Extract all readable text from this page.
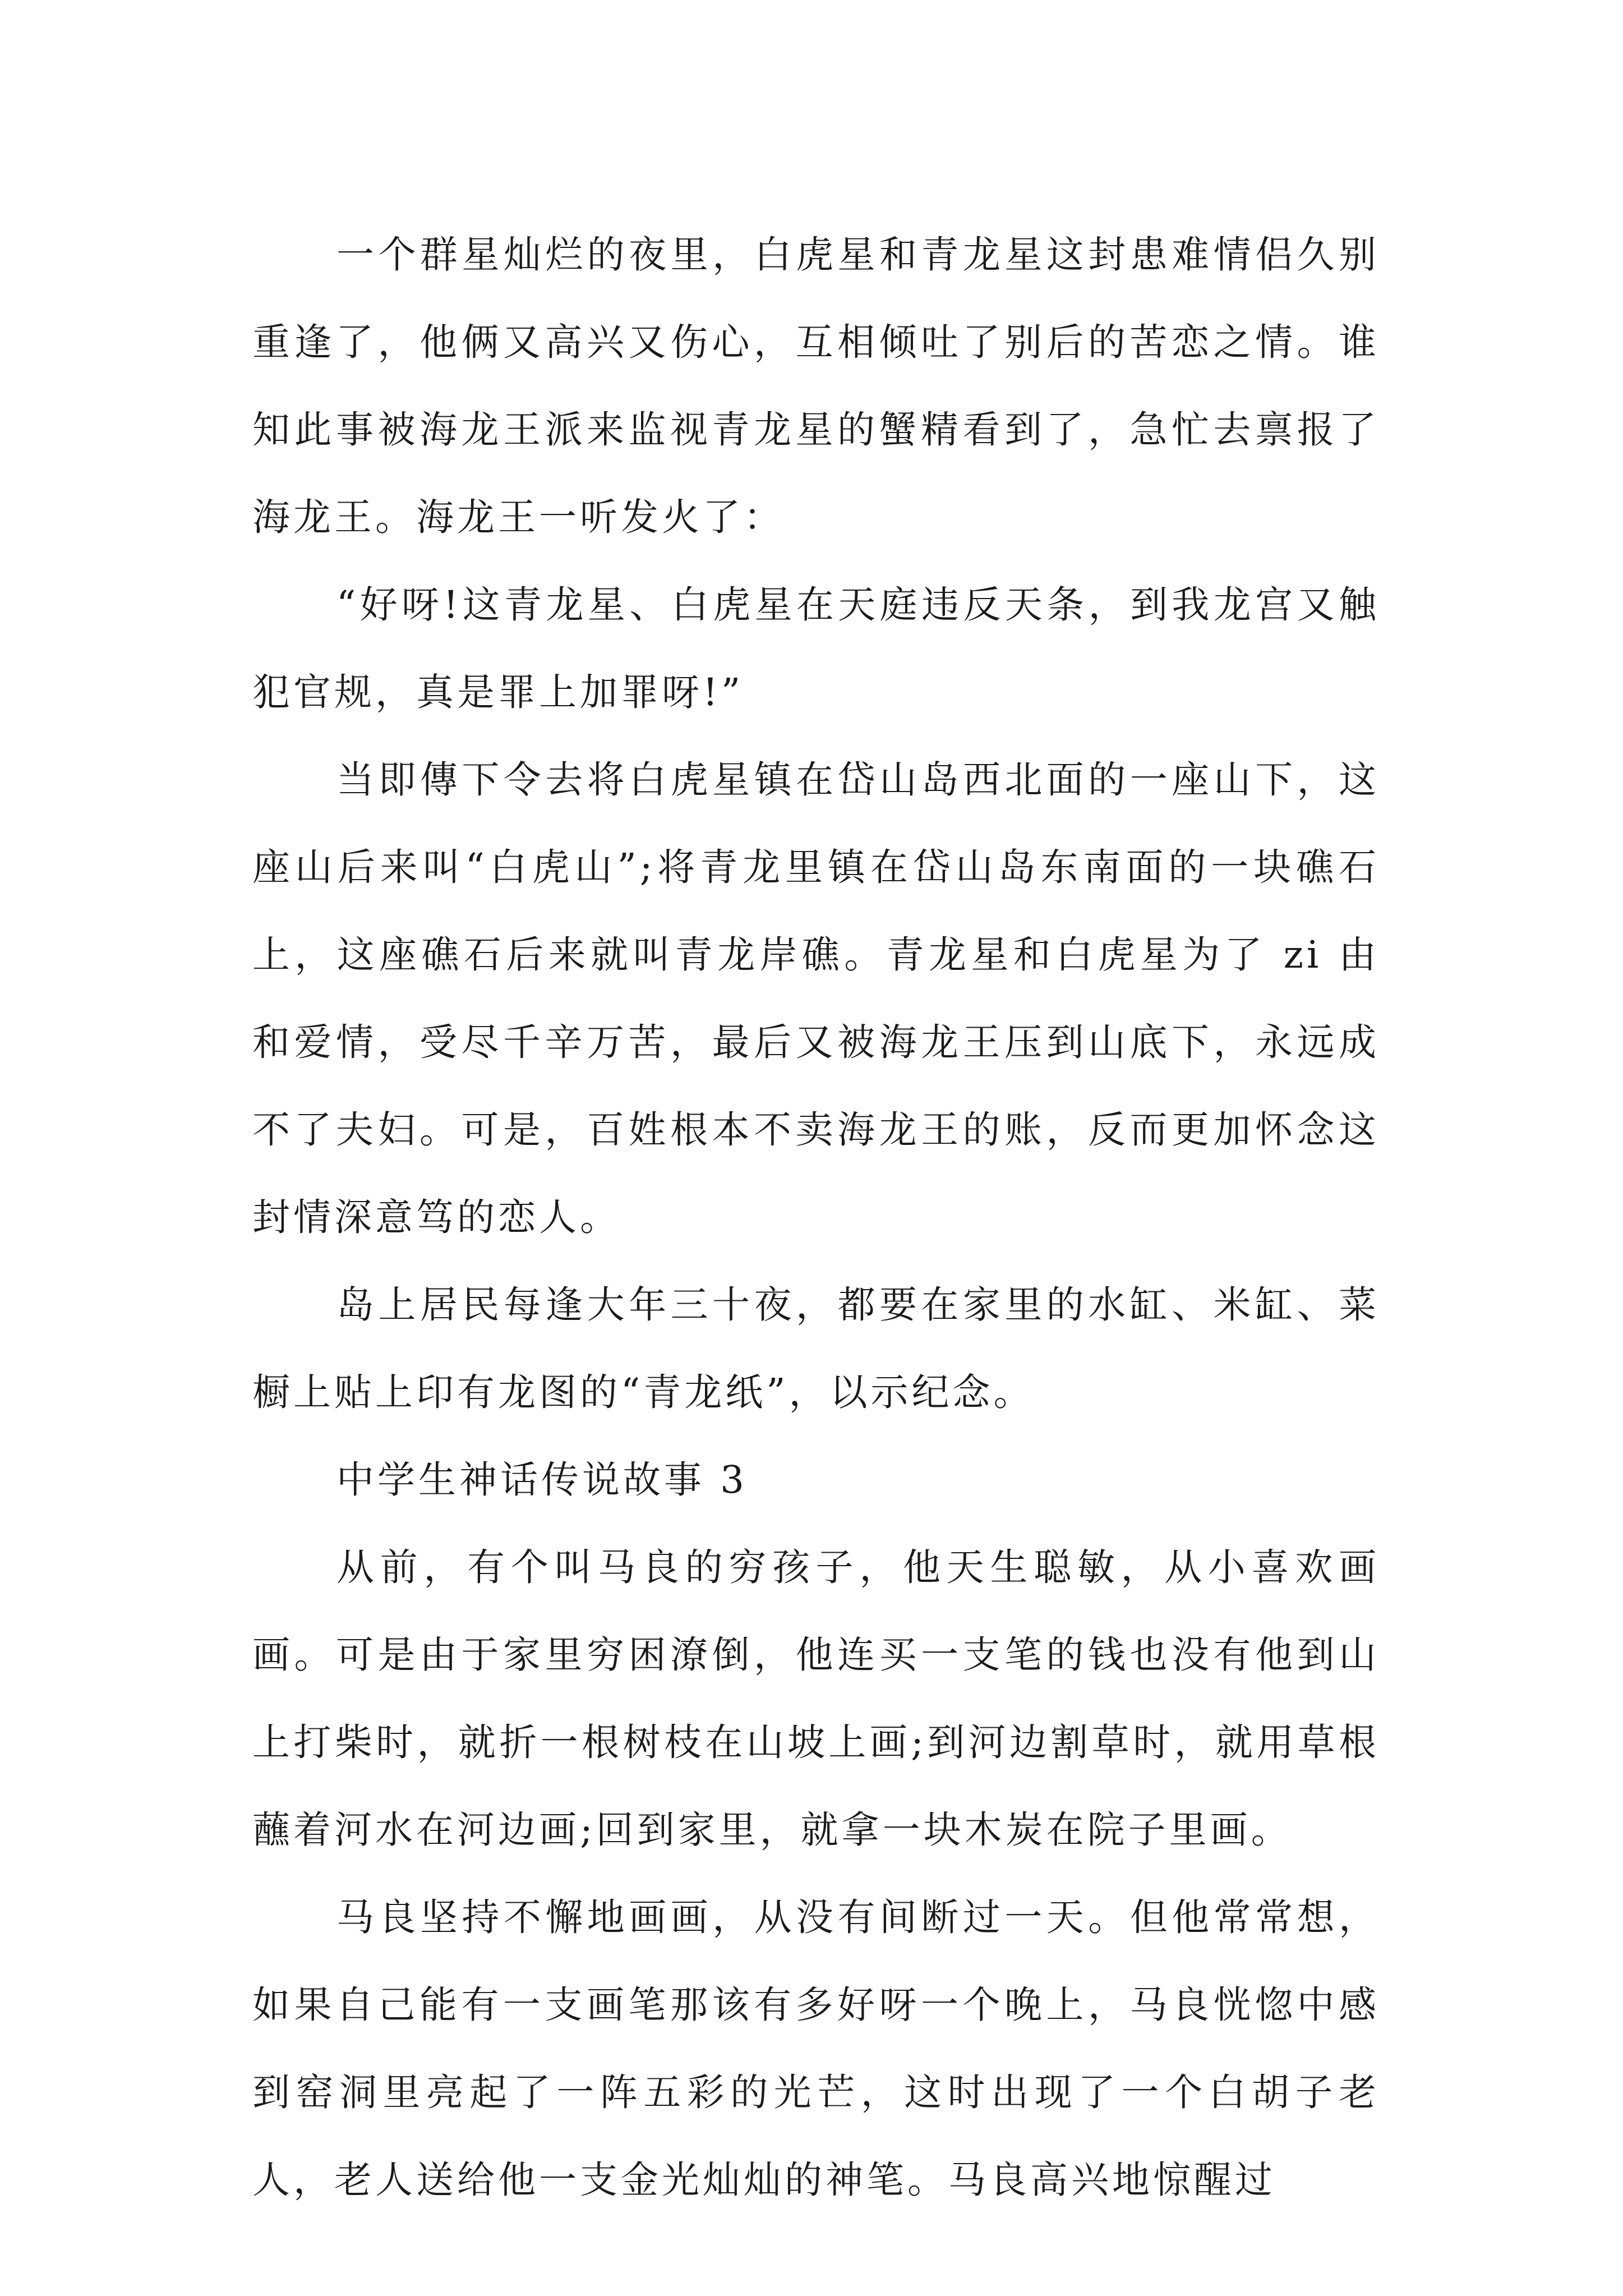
一个群星灿烂的夜里，白虎星和青龙星这封患难情侣久别重逢了，他俩又高兴又伤心，互相倾吐了别后的苦恋之情。谁知此事被海龙王派来监视青龙星的蟹精看到了，急忙去禀报了海龙王。海龙王一听发火了：

“好呀!这青龙星、白虎星在天庭违反天条，到我龙宫又触犯官规，真是罪上加罪呀!”

当即傳下令去将白虎星镇在岱山岛西北面的一座山下，这座山后来叫“白虎山”;将青龙里镇在岱山岛东南面的一块礁石上，这座礁石后来就叫青龙岸礁。青龙星和白虎星为了 zi 由和爱情，受尽千辛万苦，最后又被海龙王压到山底下，永远成不了夫妇。可是，百姓根本不卖海龙王的账，反而更加怀念这封情深意笃的恋人。

岛上居民每逢大年三十夜，都要在家里的水缸、米缸、菜橱上贴上印有龙图的“青龙纸”，以示纪念。

中学生神话传说故事 3

从前，有个叫马良的穷孩子，他天生聪敏，从小喜欢画画。可是由于家里穷困潦倒，他连买一支笔的钱也没有他到山上打柴时，就折一根树枝在山坡上画;到河边割草时，就用草根蘸着河水在河边画;回到家里，就拿一块木炭在院子里画。

马良坚持不懈地画画，从没有间断过一天。但他常常想，如果自己能有一支画笔那该有多好呀一个晚上，马良恍惚中感到窑洞里亮起了一阵五彩的光芒，这时出现了一个白胡子老人，老人送给他一支金光灿灿的神笔。马良高兴地惊醒过
